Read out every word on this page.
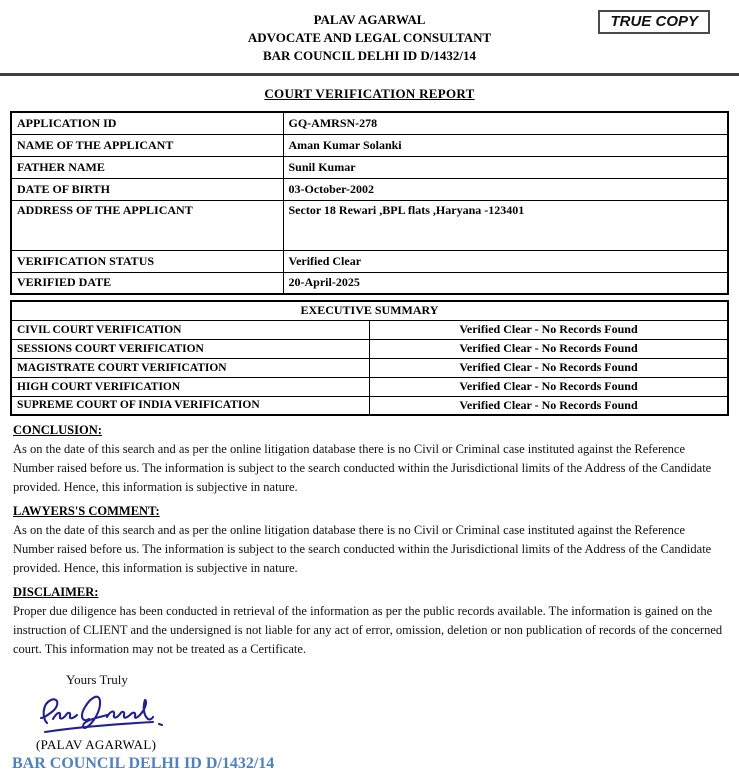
TRUE COPY
PALAV AGARWAL
ADVOCATE AND LEGAL CONSULTANT
BAR COUNCIL DELHI ID D/1432/14
COURT VERIFICATION REPORT
APPLICATION ID	GQ-AMRSN-278
NAME OF THE APPLICANT	Aman Kumar Solanki
FATHER NAME	Sunil Kumar
DATE OF BIRTH	03-October-2002
ADDRESS OF THE APPLICANT	Sector 18 Rewari ,BPL flats ,Haryana -123401
VERIFICATION STATUS	Verified Clear
VERIFIED DATE	20-April-2025
EXECUTIVE SUMMARY	
CIVIL COURT VERIFICATION	Verified Clear - No Records Found
SESSIONS COURT VERIFICATION	Verified Clear - No Records Found
MAGISTRATE COURT VERIFICATION	Verified Clear - No Records Found
HIGH COURT VERIFICATION	Verified Clear - No Records Found
SUPREME COURT OF INDIA VERIFICATION	Verified Clear - No Records Found
CONCLUSION:
As on the date of this search and as per the online litigation database there is no Civil or Criminal case instituted against the Reference Number raised before us. The information is subject to the search conducted within the Jurisdictional limits of the Address of the Candidate provided. Hence, this information is subjective in nature.
LAWYERS'S COMMENT:
As on the date of this search and as per the online litigation database there is no Civil or Criminal case instituted against the Reference Number raised before us. The information is subject to the search conducted within the Jurisdictional limits of the Address of the Candidate provided. Hence, this information is subjective in nature.
DISCLAIMER:
Proper due diligence has been conducted in retrieval of the information as per the public records available. The information is gained on the instruction of CLIENT and the undersigned is not liable for any act of error, omission, deletion or non publication of records of the concerned court. This information may not be treated as a Certificate.
Yours Truly
(PALAV AGARWAL)
BAR COUNCIL DELHI ID D/1432/14
